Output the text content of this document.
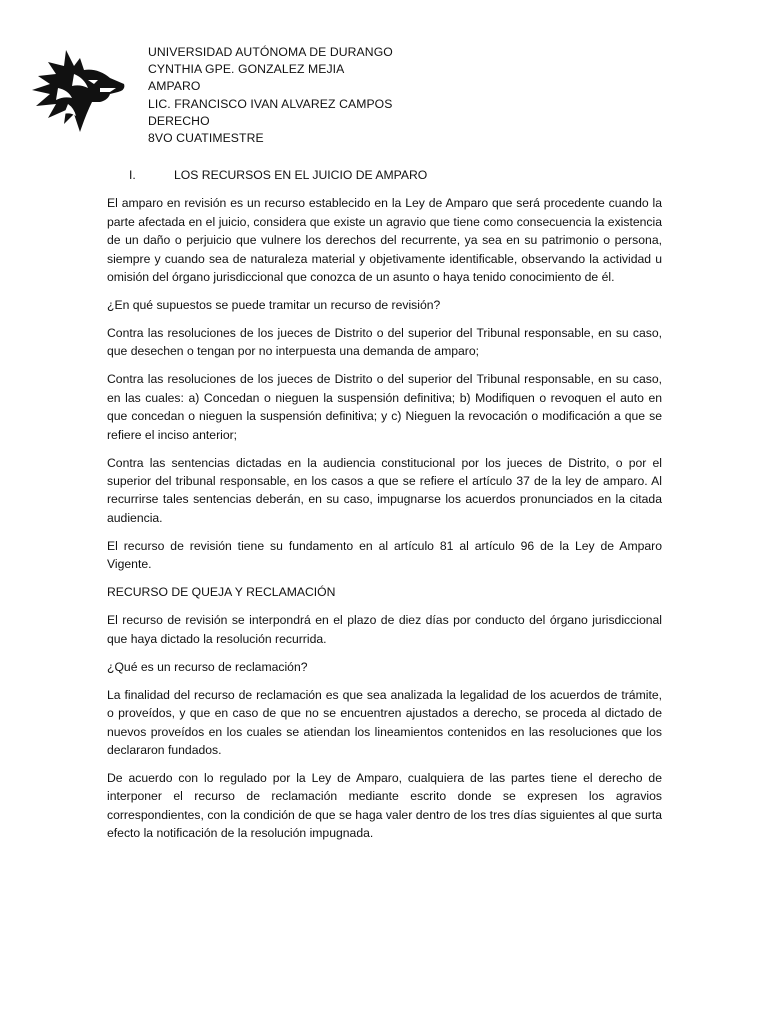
UNIVERSIDAD AUTÓNOMA DE DURANGO
CYNTHIA GPE. GONZALEZ MEJIA
AMPARO
LIC. FRANCISCO IVAN ALVAREZ CAMPOS
DERECHO
8VO CUATIMESTRE
I.	LOS RECURSOS EN EL JUICIO DE AMPARO

El amparo en revisión es un recurso establecido en la Ley de Amparo que será procedente cuando la parte afectada en el juicio, considera que existe un agravio que tiene como consecuencia la existencia de un daño o perjuicio que vulnere los derechos del recurrente, ya sea en su patrimonio o persona, siempre y cuando sea de naturaleza material y objetivamente identificable, observando la actividad u omisión del órgano jurisdiccional que conozca de un asunto o haya tenido conocimiento de él.

¿En qué supuestos se puede tramitar un recurso de revisión?

Contra las resoluciones de los jueces de Distrito o del superior del Tribunal responsable, en su caso, que desechen o tengan por no interpuesta una demanda de amparo;

Contra las resoluciones de los jueces de Distrito o del superior del Tribunal responsable, en su caso, en las cuales: a) Concedan o nieguen la suspensión definitiva; b) Modifiquen o revoquen el auto en que concedan o nieguen la suspensión definitiva; y c) Nieguen la revocación o modificación a que se refiere el inciso anterior;

Contra las sentencias dictadas en la audiencia constitucional por los jueces de Distrito, o por el superior del tribunal responsable, en los casos a que se refiere el artículo 37 de la ley de amparo. Al recurrirse tales sentencias deberán, en su caso, impugnarse los acuerdos pronunciados en la citada audiencia.

El recurso de revisión tiene su fundamento en al artículo 81 al artículo 96 de la Ley de Amparo Vigente.

RECURSO DE QUEJA Y RECLAMACIÓN

El recurso de revisión se interpondrá en el plazo de diez días por conducto del órgano jurisdiccional que haya dictado la resolución recurrida.

¿Qué es un recurso de reclamación?

La finalidad del recurso de reclamación es que sea analizada la legalidad de los acuerdos de trámite, o proveídos, y que en caso de que no se encuentren ajustados a derecho, se proceda al dictado de nuevos proveídos en los cuales se atiendan los lineamientos contenidos en las resoluciones que los declararon fundados.

De acuerdo con lo regulado por la Ley de Amparo, cualquiera de las partes tiene el derecho de interponer el recurso de reclamación mediante escrito donde se expresen los agravios correspondientes, con la condición de que se haga valer dentro de los tres días siguientes al que surta efecto la notificación de la resolución impugnada.
